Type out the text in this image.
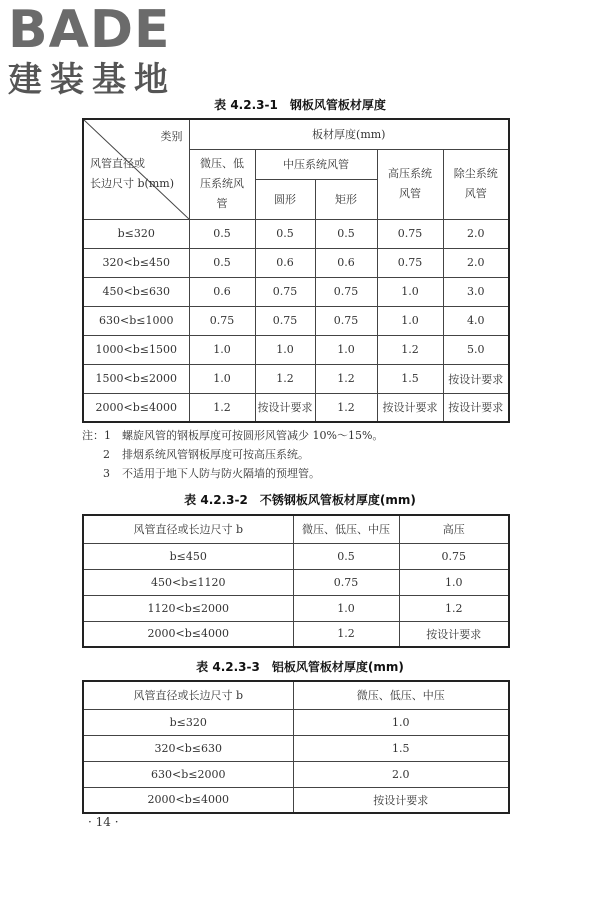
BADE
建装基地
表 4.2.3-1　钢板风管板材厚度
类别
风管直径或
长边尺寸 b(mm)	板材厚度(mm)				
	微压、低压系统风管	中压系统风管		高压系统风管	除尘系统风管
		圆形	矩形		
b≤320	0.5	0.5	0.5	0.75	2.0
320<b≤450	0.5	0.6	0.6	0.75	2.0
450<b≤630	0.6	0.75	0.75	1.0	3.0
630<b≤1000	0.75	0.75	0.75	1.0	4.0
1000<b≤1500	1.0	1.0	1.0	1.2	5.0
1500<b≤2000	1.0	1.2	1.2	1.5	按设计要求
2000<b≤4000	1.2	按设计要求	1.2	按设计要求	按设计要求
注：1 螺旋风管的钢板厚度可按圆形风管减少 10%～15%。
2 排烟系统风管钢板厚度可按高压系统。
3 不适用于地下人防与防火隔墙的预埋管。
表 4.2.3-2　不锈钢板风管板材厚度(mm)
风管直径或长边尺寸 b	微压、低压、中压	高压
b≤450	0.5	0.75
450<b≤1120	0.75	1.0
1120<b≤2000	1.0	1.2
2000<b≤4000	1.2	按设计要求
表 4.2.3-3　铝板风管板材厚度(mm)
风管直径或长边尺寸 b	微压、低压、中压
b≤320	1.0
320<b≤630	1.5
630<b≤2000	2.0
2000<b≤4000	按设计要求
· 14 ·
